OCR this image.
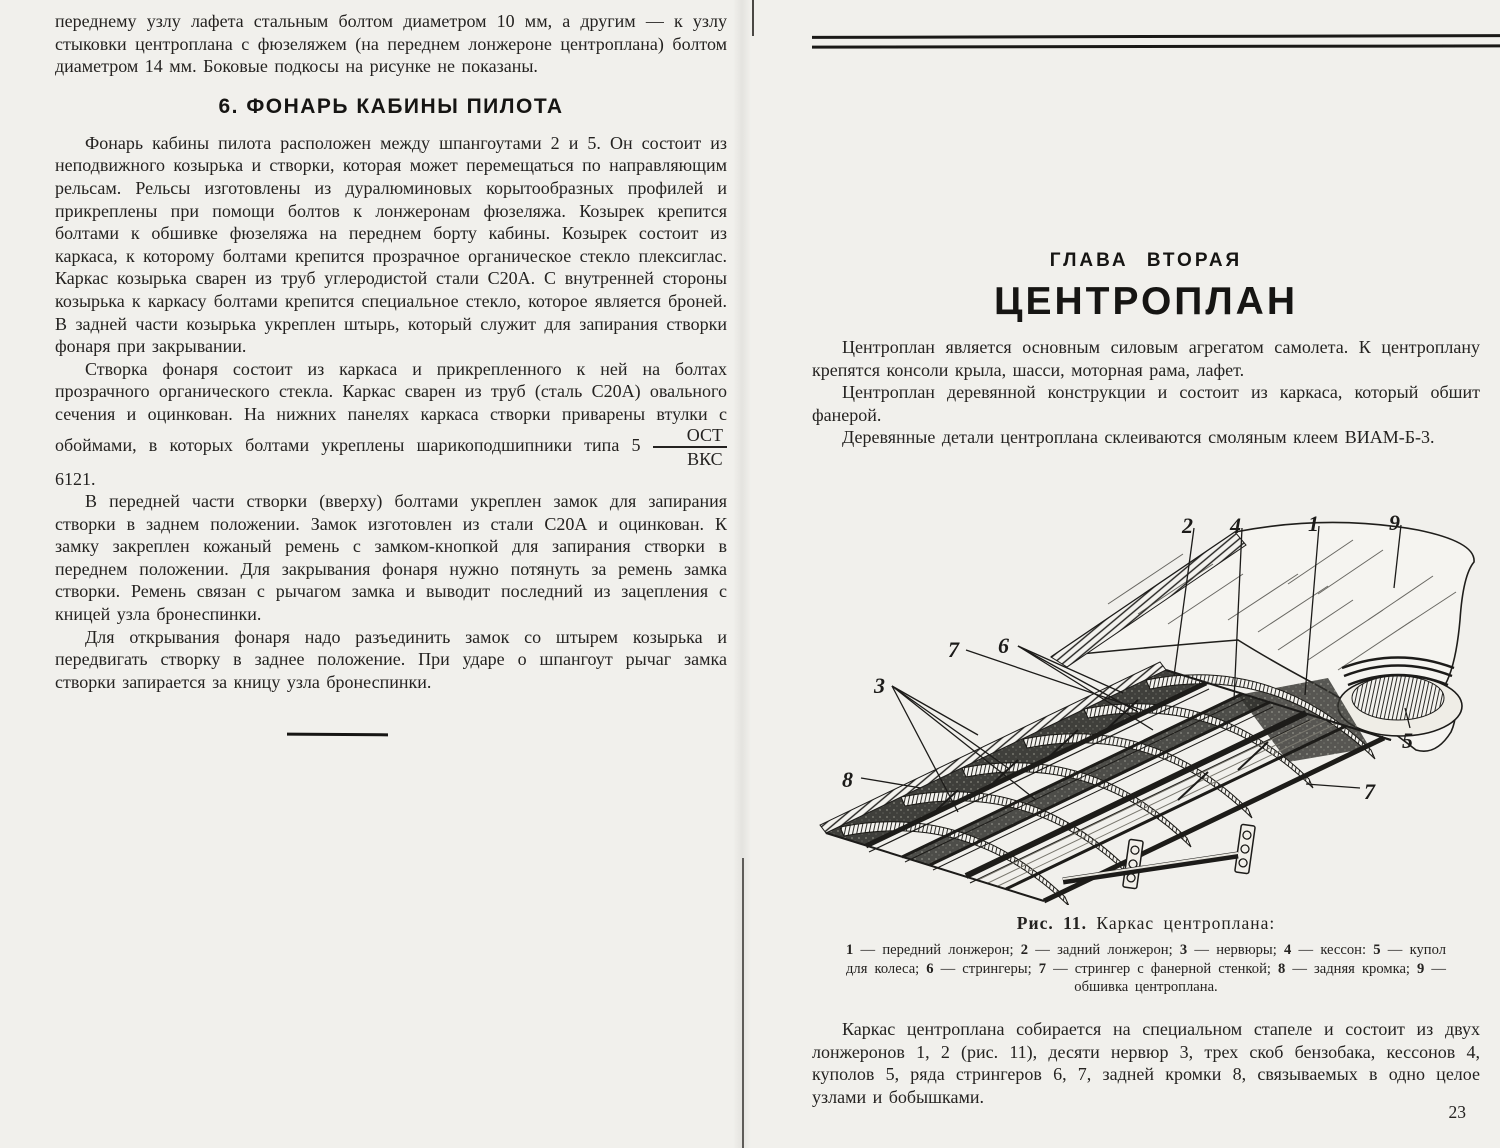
переднему узлу лафета стальным болтом диаметром 10 мм, а другим — к узлу стыковки центроплана с фюзеляжем (на переднем лонжероне центроплана) болтом диаметром 14 мм. Боковые подкосы на рисунке не показаны.

6. ФОНАРЬ КАБИНЫ ПИЛОТА

Фонарь кабины пилота расположен между шпангоутами 2 и 5. Он состоит из неподвижного козырька и створки, которая может перемещаться по направляющим рельсам. Рельсы изготовлены из дуралюминовых корытообразных профилей и прикреплены при помощи болтов к лонжеронам фюзеляжа. Козырек крепится болтами к обшивке фюзеляжа на переднем борту кабины. Козырек состоит из каркаса, к которому болтами крепится прозрачное органическое стекло плексиглас. Каркас козырька сварен из труб углеродистой стали С20А. С внутренней стороны козырька к каркасу болтами крепится специальное стекло, которое является броней. В задней части козырька укреплен штырь, который служит для запирания створки фонаря при закрывании.

Створка фонаря состоит из каркаса и прикрепленного к ней на болтах прозрачного органического стекла. Каркас сварен из труб (сталь С20А) овального сечения и оцинкован. На нижних панелях каркаса створки приварены втулки с обоймами, в которых болтами укреплены шарикоподшипники типа $5 \frac{\text{ОСТ}}{\text{ВКС}}$
6121.

В передней части створки (вверху) болтами укреплен замок для запирания створки в заднем положении. Замок изготовлен из стали С20А и оцинкован. К замку закреплен кожаный ремень с замком-кнопкой для запирания створки в переднем положении. Для закрывания фонаря нужно потянуть за ремень замка створки. Ремень связан с рычагом замка и выводит последний из зацепления с кницей узла бронеспинки.

Для открывания фонаря надо разъединить замок со штырем козырька и передвигать створку в заднее положение. При ударе о шпангоут рычаг замка створки запирается за кницу узла бронеспинки.

ГЛАВА ВТОРАЯ
ЦЕНТРОПЛАН

Центроплан является основным силовым агрегатом самолета. К центроплану крепятся консоли крыла, шасси, моторная рама, лафет.

Центроплан деревянной конструкции и состоит из каркаса, который обшит фанерой.

Деревянные детали центроплана склеиваются смоляным клеем ВИАМ-Б-3.

2 4	1	9
7 6
3
8
5
7
Рис. 11. Каркас центроплана:
1 — передний лонжерон; 2 — задний лонжерон; 3 — нервюры; 4 — кессон: 5 — купол для колеса; 6 — стрингеры; 7 — стрингер с фанерной стенкой; 8 — задняя кромка; 9 — обшивка центроплана.

Каркас центроплана собирается на специальном стапеле и состоит из двух лонжеронов 1, 2 (рис. 11), десяти нервюр 3, трех скоб бензобака, кессонов 4, куполов 5, ряда стрингеров 6, 7, задней кромки 8, связываемых в одно целое узлами и бобышками.

23
